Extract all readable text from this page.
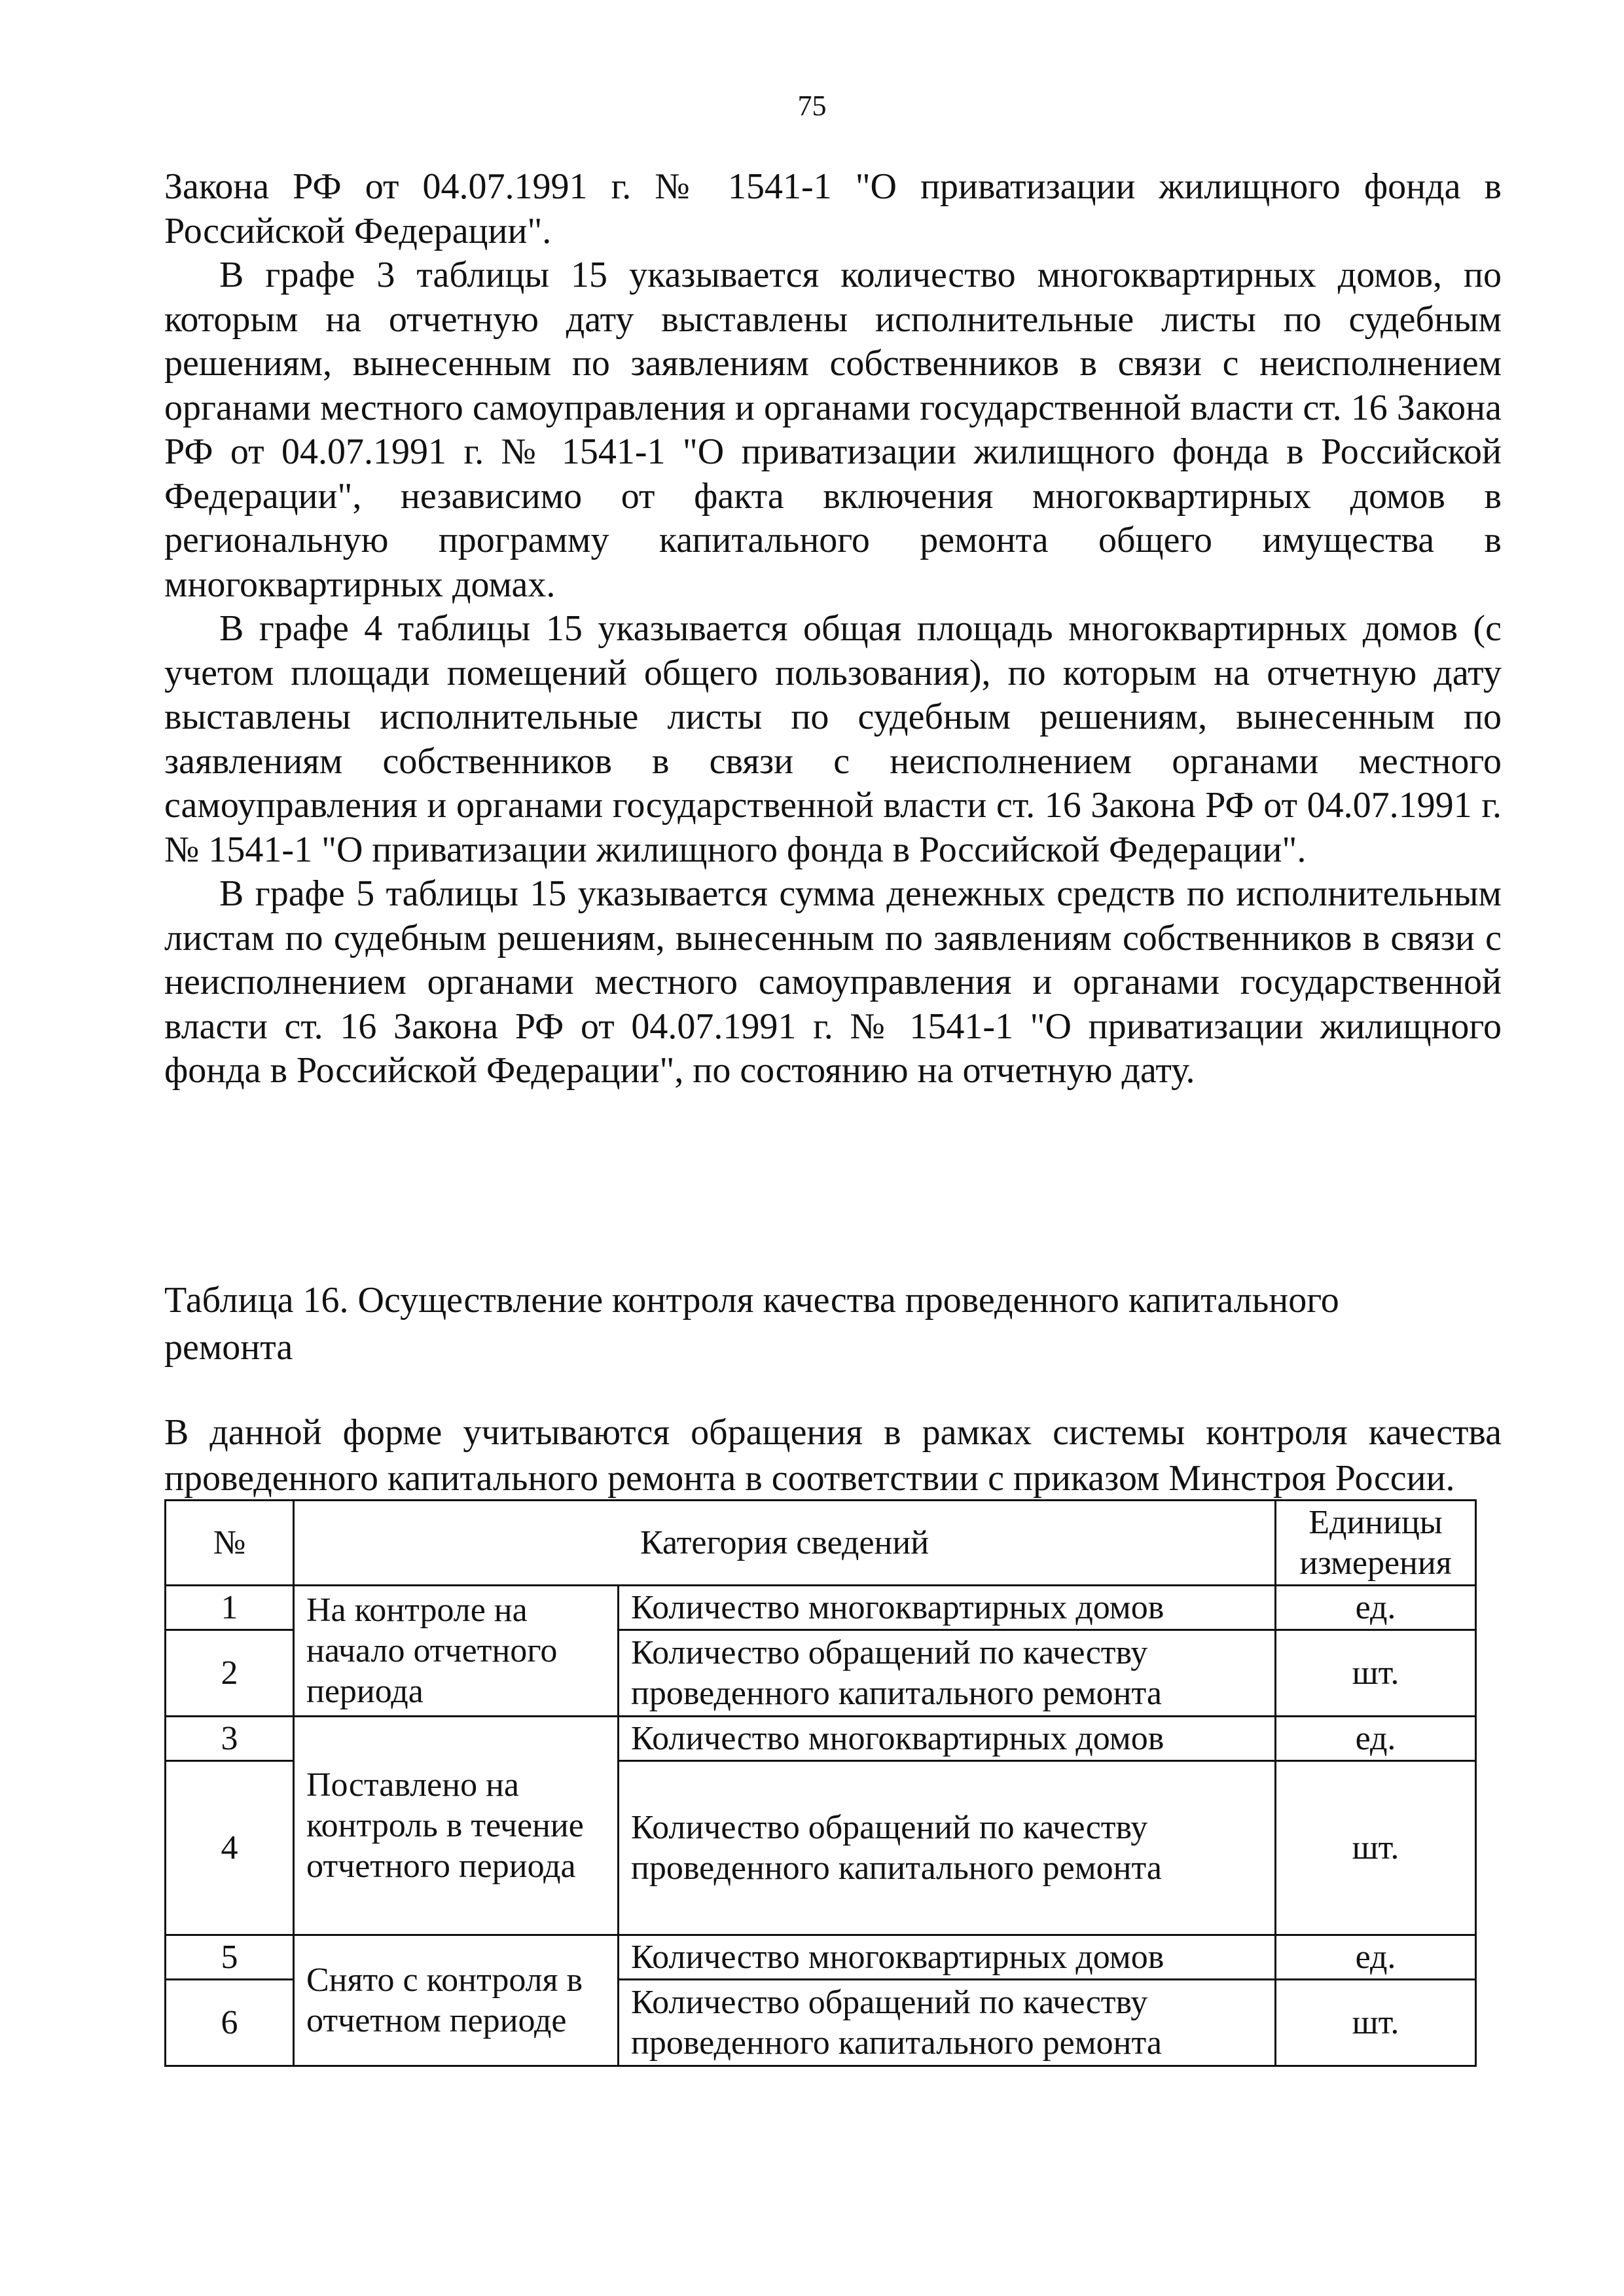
75

Закона РФ от 04.07.1991 г. № 1541-1 "О приватизации жилищного фонда в Российской Федерации".

В графе 3 таблицы 15 указывается количество многоквартирных домов, по которым на отчетную дату выставлены исполнительные листы по судебным решениям, вынесенным по заявлениям собственников в связи с неисполнением органами местного самоуправления и органами государственной власти ст. 16 Закона РФ от 04.07.1991 г. № 1541-1 "О приватизации жилищного фонда в Российской Федерации", независимо от факта включения многоквартирных домов в региональную программу капитального ремонта общего имущества в многоквартирных домах.

В графе 4 таблицы 15 указывается общая площадь многоквартирных домов (с учетом площади помещений общего пользования), по которым на отчетную дату выставлены исполнительные листы по судебным решениям, вынесенным по заявлениям собственников в связи с неисполнением органами местного самоуправления и органами государственной власти ст. 16 Закона РФ от 04.07.1991 г. № 1541-1 "О приватизации жилищного фонда в Российской Федерации".

В графе 5 таблицы 15 указывается сумма денежных средств по исполнительным листам по судебным решениям, вынесенным по заявлениям собственников в связи с неисполнением органами местного самоуправления и органами государственной власти ст. 16 Закона РФ от 04.07.1991 г. № 1541-1 "О приватизации жилищного фонда в Российской Федерации", по состоянию на отчетную дату.

Таблица 16. Осуществление контроля качества проведенного капитального ремонта

В данной форме учитываются обращения в рамках системы контроля качества проведенного капитального ремонта в соответствии с приказом Минстроя России.

№	Категория сведений		Единицы измерения
1	На контроле на начало отчетного периода	Количество многоквартирных домов	ед.
2		Количество обращений по качеству проведенного капитального ремонта	шт.
3	Поставлено на контроль в течение отчетного периода	Количество многоквартирных домов	ед.
4		Количество обращений по качеству проведенного капитального ремонта	шт.
5	Снято с контроля в отчетном периоде	Количество многоквартирных домов	ед.
6		Количество обращений по качеству проведенного капитального ремонта	шт.
